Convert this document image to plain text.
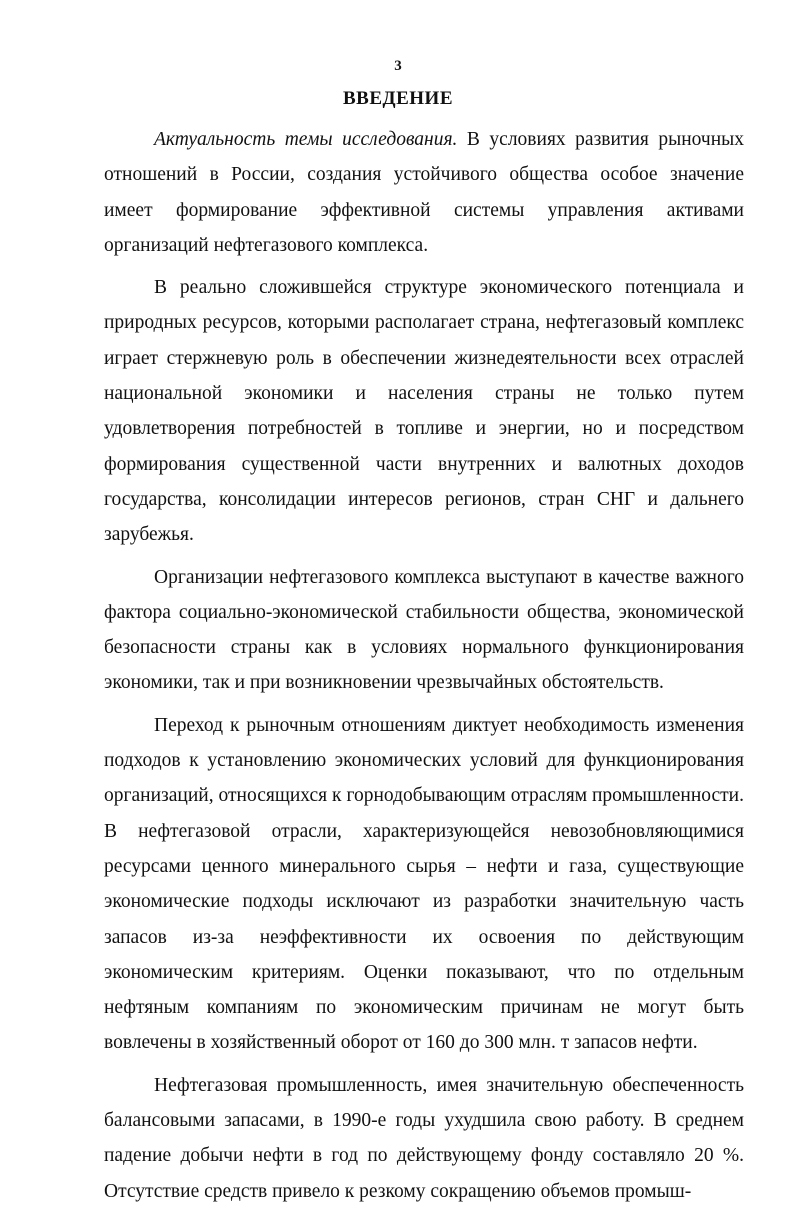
3
ВВЕДЕНИЕ

Актуальность темы исследования. В условиях развития рыночных отношений в России, создания устойчивого общества особое значение имеет формирование эффективной системы управления активами организаций нефтегазового комплекса.

В реально сложившейся структуре экономического потенциала и природных ресурсов, которыми располагает страна, нефтегазовый комплекс играет стержневую роль в обеспечении жизнедеятельности всех отраслей национальной экономики и населения страны не только путем удовлетворения потребностей в топливе и энергии, но и посредством формирования существенной части внутренних и валютных доходов государства, консолидации интересов регионов, стран СНГ и дальнего зарубежья.

Организации нефтегазового комплекса выступают в качестве важного фактора социально-экономической стабильности общества, экономической безопасности страны как в условиях нормального функционирования экономики, так и при возникновении чрезвычайных обстоятельств.

Переход к рыночным отношениям диктует необходимость изменения подходов к установлению экономических условий для функционирования организаций, относящихся к горнодобывающим отраслям промышленности. В нефтегазовой отрасли, характеризующейся невозобновляющимися ресурсами ценного минерального сырья – нефти и газа, существующие экономические подходы исключают из разработки значительную часть запасов из-за неэффективности их освоения по действующим экономическим критериям. Оценки показывают, что по отдельным нефтяным компаниям по экономическим причинам не могут быть вовлечены в хозяйственный оборот от 160 до 300 млн. т запасов нефти.

Нефтегазовая промышленность, имея значительную обеспеченность балансовыми запасами, в 1990-е годы ухудшила свою работу. В среднем падение добычи нефти в год по действующему фонду составляло 20 %. Отсутствие средств привело к резкому сокращению объемов промыш-
